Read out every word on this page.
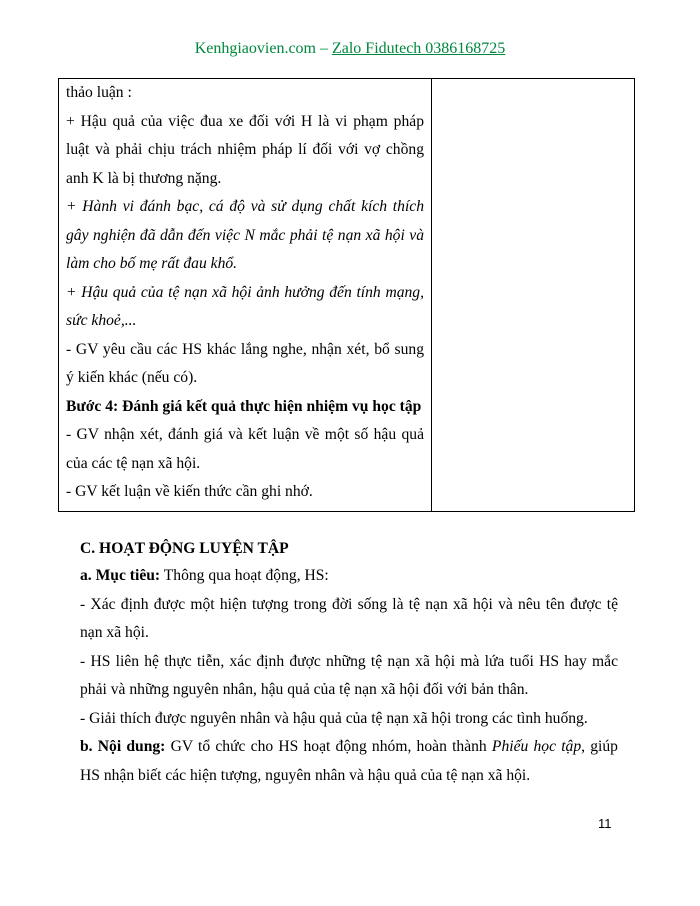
Kenhgiaovien.com – Zalo Fidutech 0386168725

thảo luận :

+ Hậu quả của việc đua xe đối với H là vi phạm pháp luật và phải chịu trách nhiệm pháp lí đối với vợ chồng anh K là bị thương nặng.

+ Hành vi đánh bạc, cá độ và sử dụng chất kích thích gây nghiện đã dẫn đến việc N mắc phải tệ nạn xã hội và làm cho bố mẹ rất đau khổ.

+ Hậu quả của tệ nạn xã hội ảnh hưởng đến tính mạng, sức khoẻ,...

- GV yêu cầu các HS khác lắng nghe, nhận xét, bổ sung ý kiến khác (nếu có).

Bước 4: Đánh giá kết quả thực hiện nhiệm vụ học tập

- GV nhận xét, đánh giá và kết luận về một số hậu quả của các tệ nạn xã hội.

- GV kết luận về kiến thức cần ghi nhớ.

C. HOẠT ĐỘNG LUYỆN TẬP

a. Mục tiêu: Thông qua hoạt động, HS:

- Xác định được một hiện tượng trong đời sống là tệ nạn xã hội và nêu tên được tệ nạn xã hội.

- HS liên hệ thực tiễn, xác định được những tệ nạn xã hội mà lứa tuổi HS hay mắc phải và những nguyên nhân, hậu quả của tệ nạn xã hội đối với bản thân.

- Giải thích được nguyên nhân và hậu quả của tệ nạn xã hội trong các tình huống.

b. Nội dung: GV tổ chức cho HS hoạt động nhóm, hoàn thành Phiếu học tập, giúp HS nhận biết các hiện tượng, nguyên nhân và hậu quả của tệ nạn xã hội.

11
